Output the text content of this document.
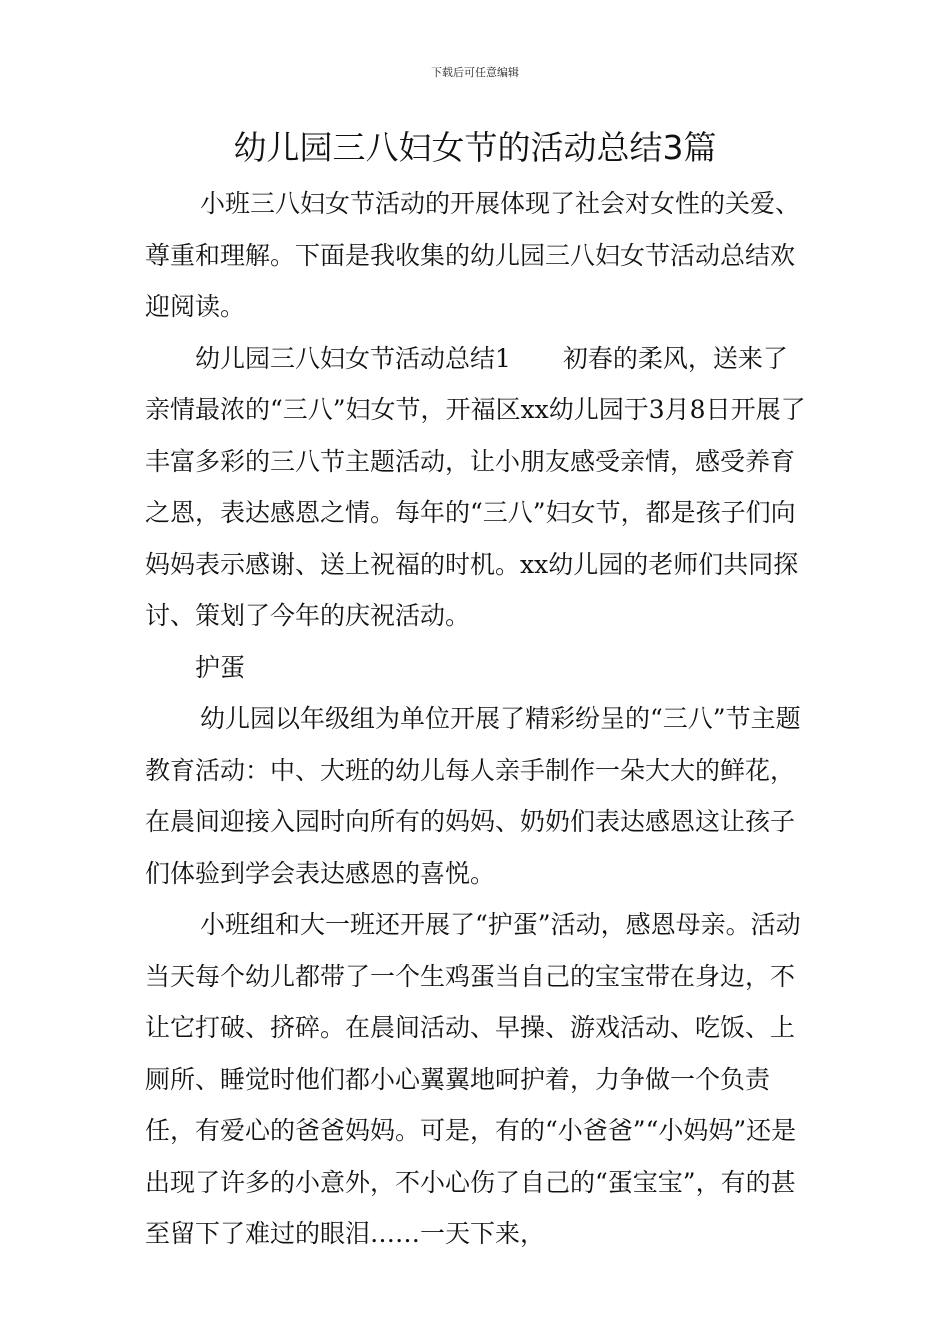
下载后可任意编辑
幼儿园三八妇女节的活动总结3篇

小班三八妇女节活动的开展体现了社会对女性的关爱、尊重和理解。下面是我收集的幼儿园三八妇女节活动总结欢迎阅读。

幼儿园三八妇女节活动总结1 初春的柔风，送来了亲情最浓的“三八”妇女节，开福区xx幼儿园于3月8日开展了丰富多彩的三八节主题活动，让小朋友感受亲情，感受养育之恩，表达感恩之情。每年的“三八”妇女节，都是孩子们向妈妈表示感谢、送上祝福的时机。xx幼儿园的老师们共同探讨、策划了今年的庆祝活动。

护蛋

幼儿园以年级组为单位开展了精彩纷呈的“三八”节主题教育活动：中、大班的幼儿每人亲手制作一朵大大的鲜花，在晨间迎接入园时向所有的妈妈、奶奶们表达感恩这让孩子们体验到学会表达感恩的喜悦。

小班组和大一班还开展了“护蛋”活动，感恩母亲。活动当天每个幼儿都带了一个生鸡蛋当自己的宝宝带在身边，不让它打破、挤碎。在晨间活动、早操、游戏活动、吃饭、上厕所、睡觉时他们都小心翼翼地呵护着，力争做一个负责任，有爱心的爸爸妈妈。可是，有的“小爸爸”“小妈妈”还是出现了许多的小意外，不小心伤了自己的“蛋宝宝”，有的甚至留下了难过的眼泪……一天下来，
